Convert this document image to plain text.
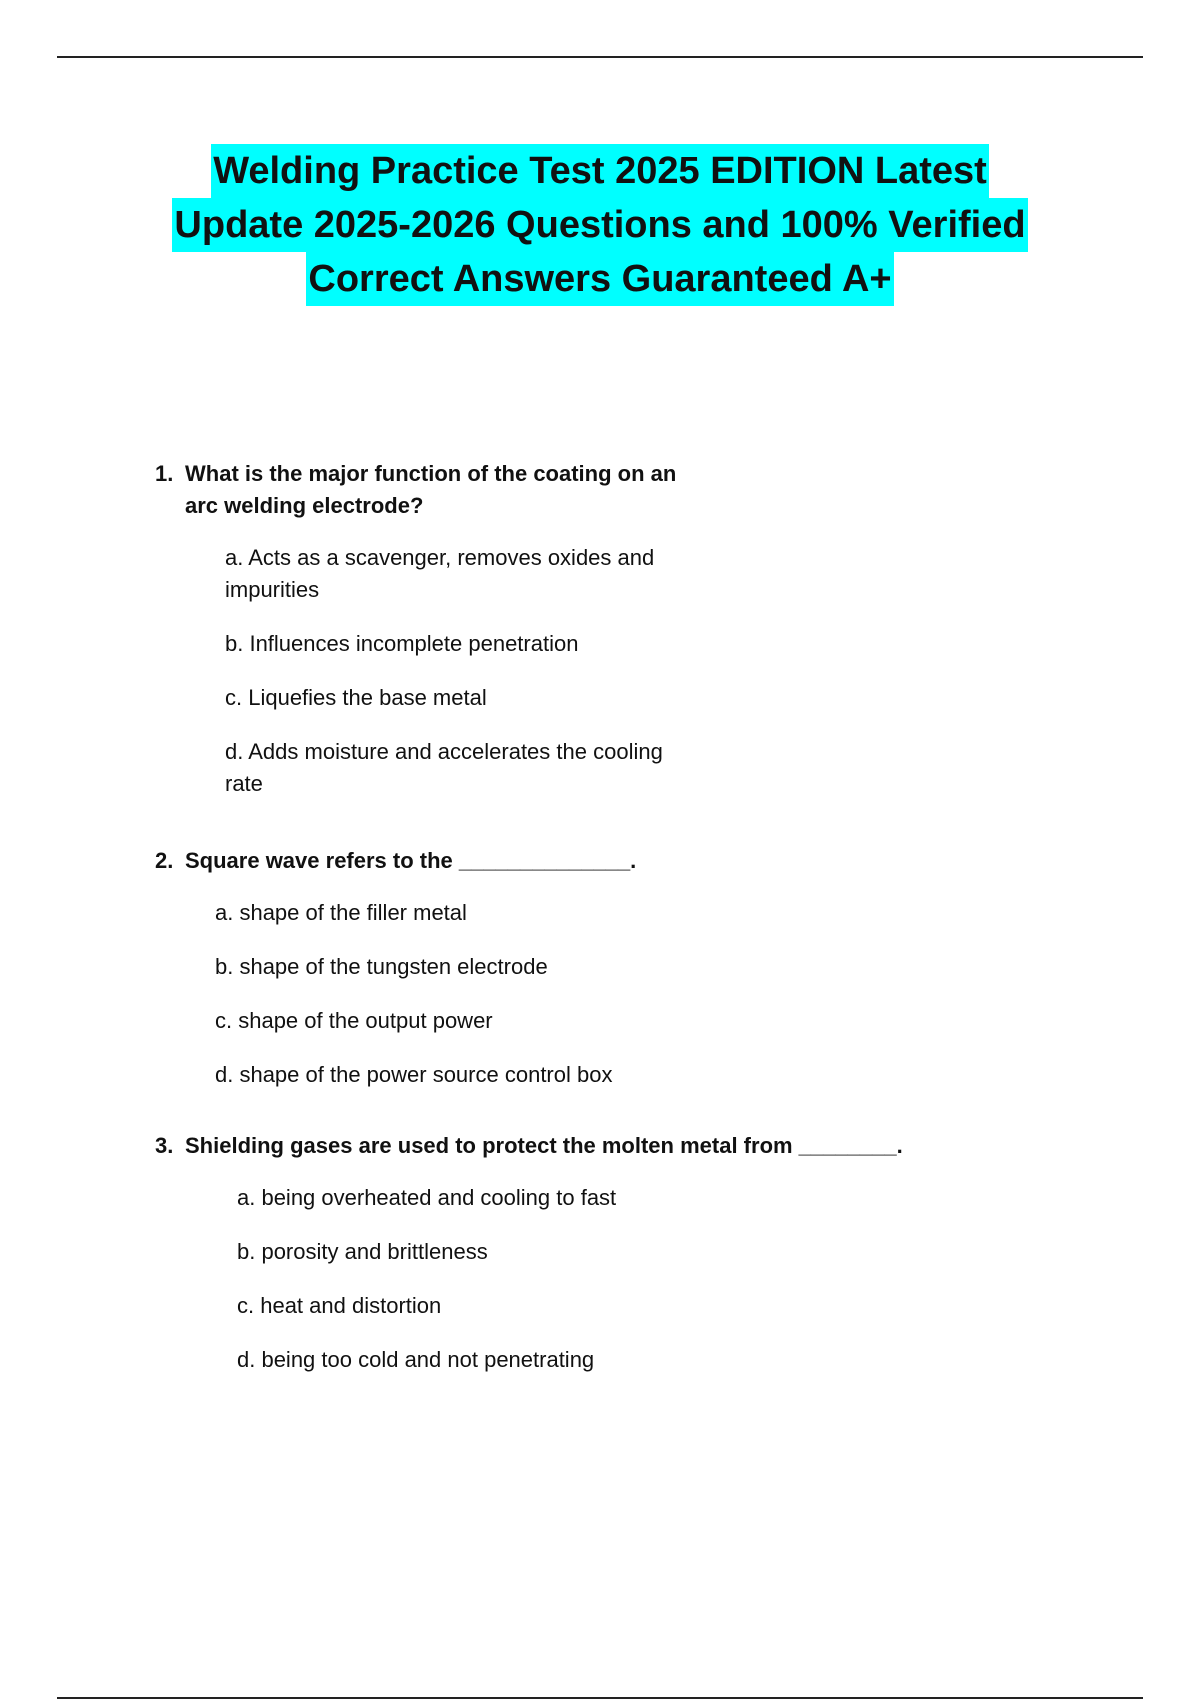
Welding Practice Test 2025 EDITION Latest
Update 2025-2026 Questions and 100% Verified
Correct Answers Guaranteed A+
1. What is the major function of the coating on an
arc welding electrode?
a. Acts as a scavenger, removes oxides and
impurities
b. Influences incomplete penetration
c. Liquefies the base metal
d. Adds moisture and accelerates the cooling
rate
2. Square wave refers to the ______________.
a. shape of the filler metal
b. shape of the tungsten electrode
c. shape of the output power
d. shape of the power source control box
3. Shielding gases are used to protect the molten metal from ________.
a. being overheated and cooling to fast
b. porosity and brittleness
c. heat and distortion
d. being too cold and not penetrating
